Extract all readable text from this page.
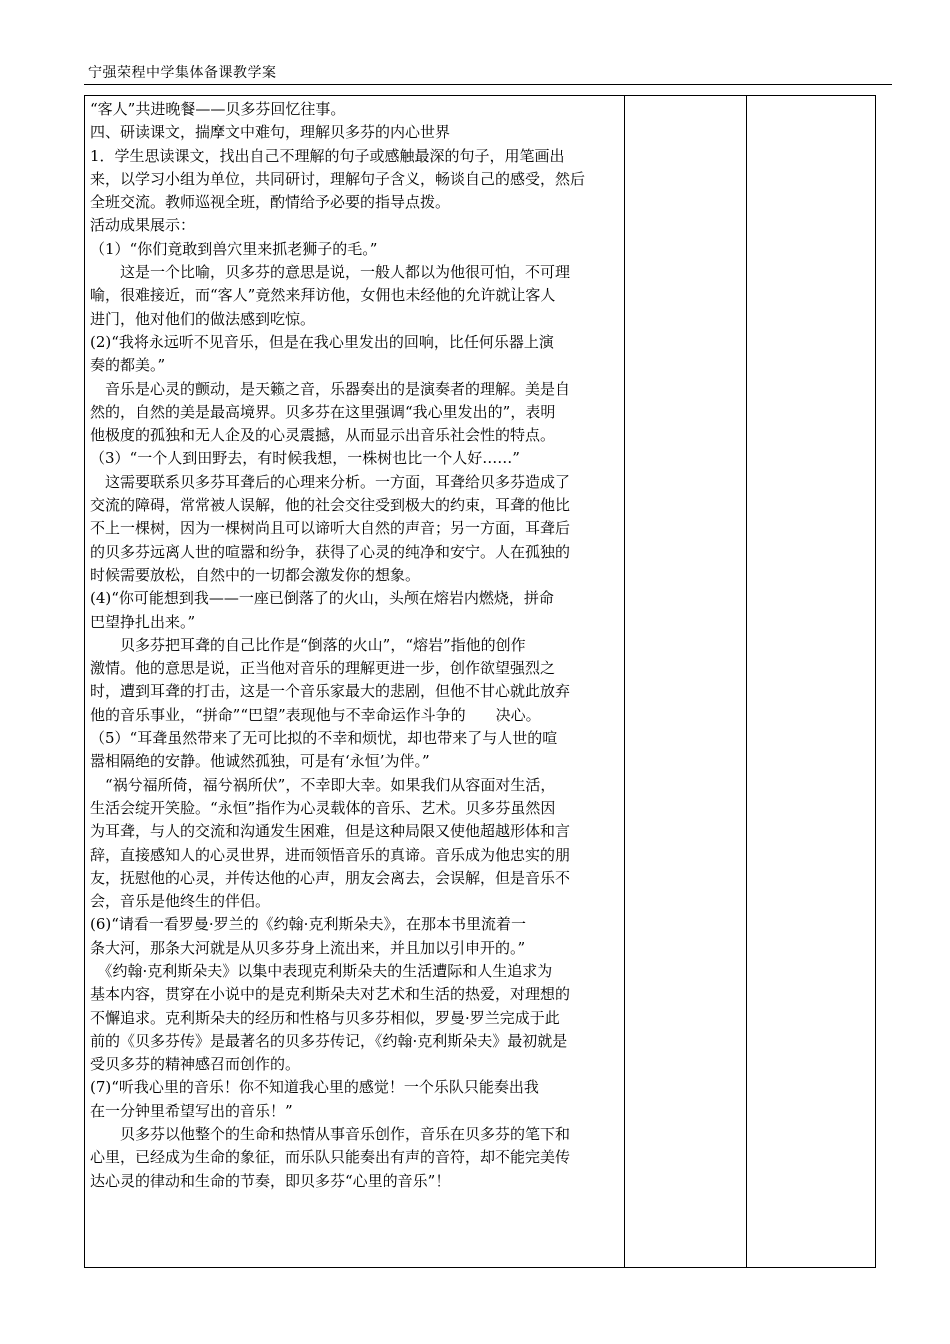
宁强荣程中学集体备课教学案
“客人”共进晚餐——贝多芬回忆往事。
四、研读课文，揣摩文中难句，理解贝多芬的内心世界
1．学生思读课文，找出自己不理解的句子或感触最深的句子，用笔画出
来，以学习小组为单位，共同研讨，理解句子含义，畅谈自己的感受，然后
全班交流。教师巡视全班，酌情给予必要的指导点拨。
活动成果展示：
（1）“你们竟敢到兽穴里来抓老狮子的毛。”
　　这是一个比喻，贝多芬的意思是说，一般人都以为他很可怕，不可理
喻，很难接近，而“客人”竟然来拜访他，女佣也未经他的允许就让客人
进门，他对他们的做法感到吃惊。
(2)“我将永远听不见音乐，但是在我心里发出的回响，比任何乐器上演
奏的都美。”
　音乐是心灵的颤动，是天籁之音，乐器奏出的是演奏者的理解。美是自
然的，自然的美是最高境界。贝多芬在这里强调“我心里发出的”，表明
他极度的孤独和无人企及的心灵震撼，从而显示出音乐社会性的特点。
（3）“一个人到田野去，有时候我想，一株树也比一个人好……”
　这需要联系贝多芬耳聋后的心理来分析。一方面，耳聋给贝多芬造成了
交流的障碍，常常被人误解，他的社会交往受到极大的约束，耳聋的他比
不上一棵树，因为一棵树尚且可以谛听大自然的声音；另一方面，耳聋后
的贝多芬远离人世的喧嚣和纷争，获得了心灵的纯净和安宁。人在孤独的
时候需要放松，自然中的一切都会激发你的想象。
(4)“你可能想到我——一座已倒落了的火山，头颅在熔岩内燃烧，拼命
巴望挣扎出来。”
　　贝多芬把耳聋的自己比作是“倒落的火山”，“熔岩”指他的创作
激情。他的意思是说，正当他对音乐的理解更进一步，创作欲望强烈之
时，遭到耳聋的打击，这是一个音乐家最大的悲剧，但他不甘心就此放弃
他的音乐事业，“拼命”“巴望”表现他与不幸命运作斗争的　　决心。
（5）“耳聋虽然带来了无可比拟的不幸和烦忧，却也带来了与人世的喧
嚣相隔绝的安静。他诚然孤独，可是有‘永恒’为伴。”
　“祸兮福所倚，福兮祸所伏”，不幸即大幸。如果我们从容面对生活，
生活会绽开笑脸。“永恒”指作为心灵载体的音乐、艺术。贝多芬虽然因
为耳聋，与人的交流和沟通发生困难，但是这种局限又使他超越形体和言
辞，直接感知人的心灵世界，进而领悟音乐的真谛。音乐成为他忠实的朋
友，抚慰他的心灵，并传达他的心声，朋友会离去，会误解，但是音乐不
会，音乐是他终生的伴侣。
(6)“请看一看罗曼·罗兰的《约翰·克利斯朵夫》，在那本书里流着一
条大河，那条大河就是从贝多芬身上流出来，并且加以引申开的。”
　《约翰·克利斯朵夫》以集中表现克利斯朵夫的生活遭际和人生追求为
基本内容，贯穿在小说中的是克利斯朵夫对艺术和生活的热爱，对理想的
不懈追求。克利斯朵夫的经历和性格与贝多芬相似，罗曼·罗兰完成于此
前的《贝多芬传》是最著名的贝多芬传记，《约翰·克利斯朵夫》最初就是
受贝多芬的精神感召而创作的。
(7)“听我心里的音乐！你不知道我心里的感觉！一个乐队只能奏出我
在一分钟里希望写出的音乐！”
　　贝多芬以他整个的生命和热情从事音乐创作，音乐在贝多芬的笔下和
心里，已经成为生命的象征，而乐队只能奏出有声的音符，却不能完美传
达心灵的律动和生命的节奏，即贝多芬“心里的音乐”！
